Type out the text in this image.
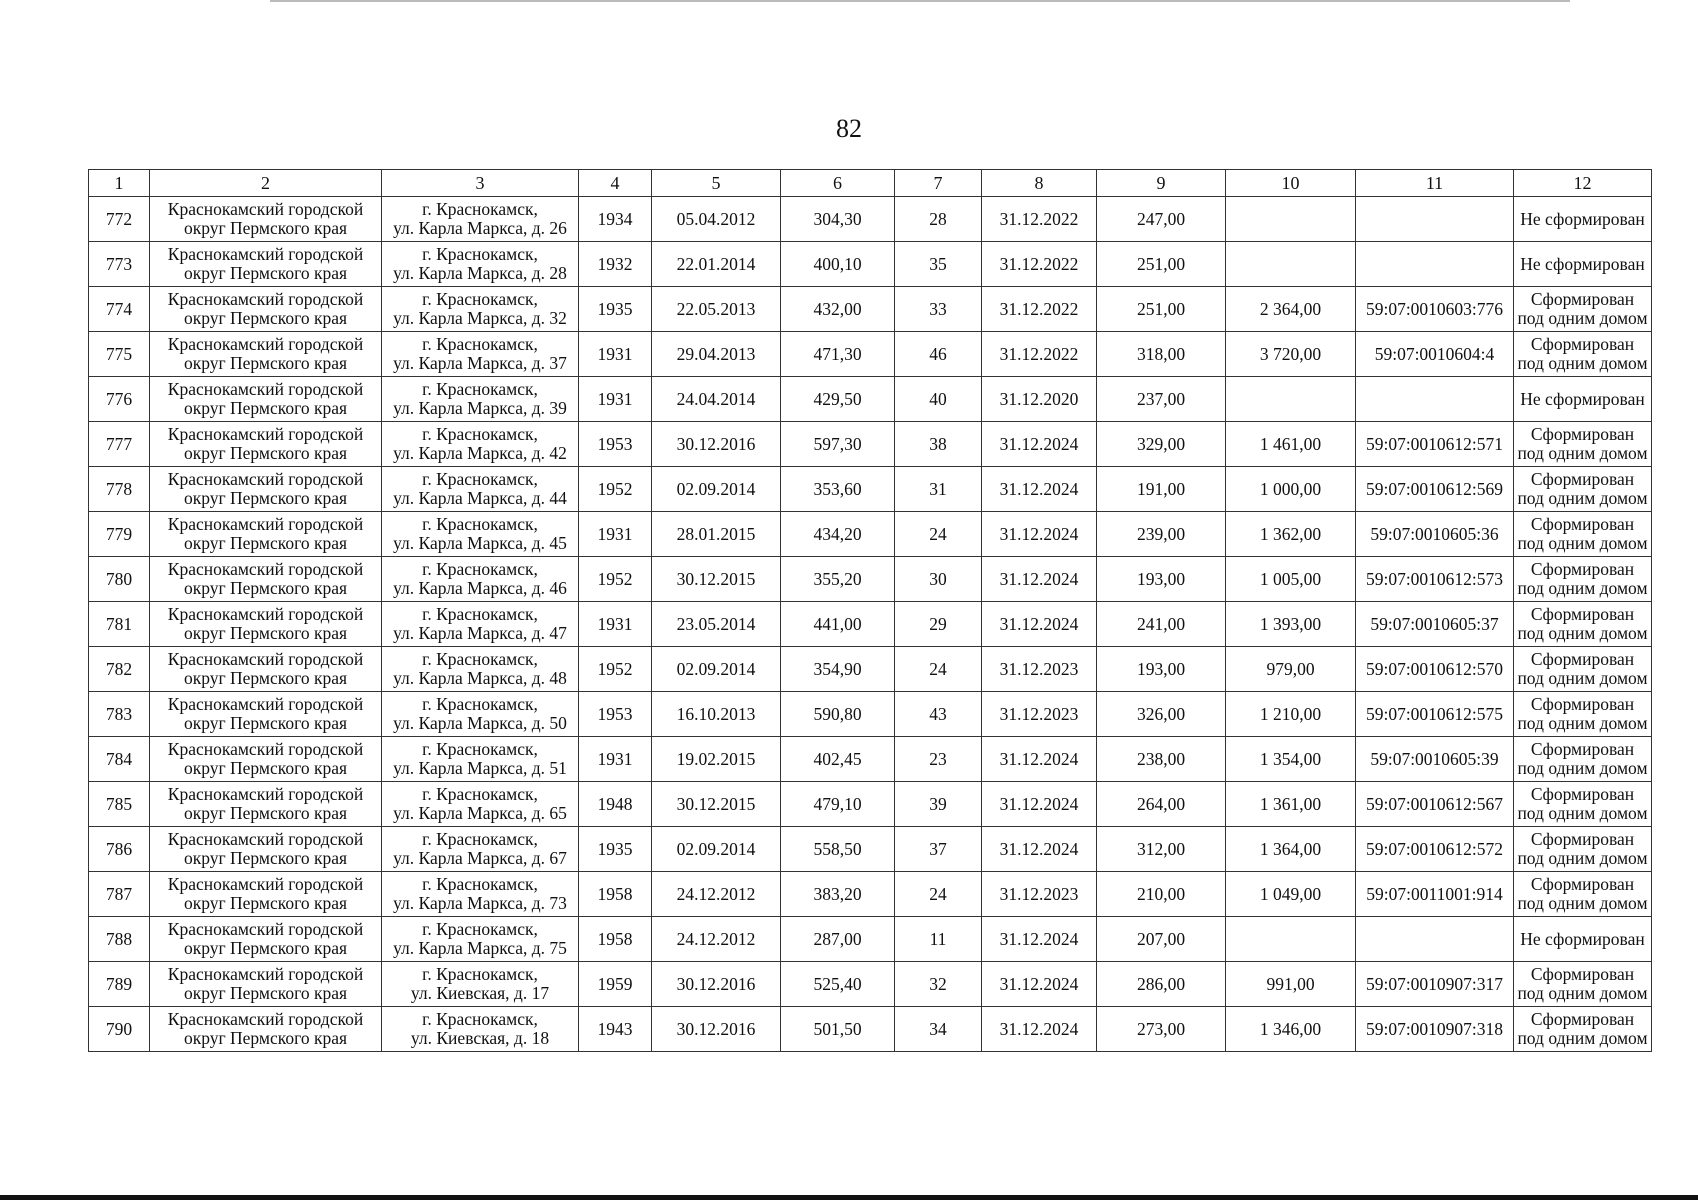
82
1	2	3	4	5	6	7	8	9	10	11	12
772	Краснокамский городской
округ Пермского края	г. Краснокамск,
ул. Карла Маркса, д. 26	1934	05.04.2012	304,30	28	31.12.2022	247,00			Не сформирован

773	Краснокамский городской
округ Пермского края	г. Краснокамск,
ул. Карла Маркса, д. 28	1932	22.01.2014	400,10	35	31.12.2022	251,00			Не сформирован

774	Краснокамский городской
округ Пермского края	г. Краснокамск,
ул. Карла Маркса, д. 32	1935	22.05.2013	432,00	33	31.12.2022	251,00	2 364,00	59:07:0010603:776	Сформирован
под одним домом

775	Краснокамский городской
округ Пермского края	г. Краснокамск,
ул. Карла Маркса, д. 37	1931	29.04.2013	471,30	46	31.12.2022	318,00	3 720,00	59:07:0010604:4	Сформирован
под одним домом

776	Краснокамский городской
округ Пермского края	г. Краснокамск,
ул. Карла Маркса, д. 39	1931	24.04.2014	429,50	40	31.12.2020	237,00			Не сформирован

777	Краснокамский городской
округ Пермского края	г. Краснокамск,
ул. Карла Маркса, д. 42	1953	30.12.2016	597,30	38	31.12.2024	329,00	1 461,00	59:07:0010612:571	Сформирован
под одним домом

778	Краснокамский городской
округ Пермского края	г. Краснокамск,
ул. Карла Маркса, д. 44	1952	02.09.2014	353,60	31	31.12.2024	191,00	1 000,00	59:07:0010612:569	Сформирован
под одним домом

779	Краснокамский городской
округ Пермского края	г. Краснокамск,
ул. Карла Маркса, д. 45	1931	28.01.2015	434,20	24	31.12.2024	239,00	1 362,00	59:07:0010605:36	Сформирован
под одним домом

780	Краснокамский городской
округ Пермского края	г. Краснокамск,
ул. Карла Маркса, д. 46	1952	30.12.2015	355,20	30	31.12.2024	193,00	1 005,00	59:07:0010612:573	Сформирован
под одним домом

781	Краснокамский городской
округ Пермского края	г. Краснокамск,
ул. Карла Маркса, д. 47	1931	23.05.2014	441,00	29	31.12.2024	241,00	1 393,00	59:07:0010605:37	Сформирован
под одним домом

782	Краснокамский городской
округ Пермского края	г. Краснокамск,
ул. Карла Маркса, д. 48	1952	02.09.2014	354,90	24	31.12.2023	193,00	979,00	59:07:0010612:570	Сформирован
под одним домом

783	Краснокамский городской
округ Пермского края	г. Краснокамск,
ул. Карла Маркса, д. 50	1953	16.10.2013	590,80	43	31.12.2023	326,00	1 210,00	59:07:0010612:575	Сформирован
под одним домом

784	Краснокамский городской
округ Пермского края	г. Краснокамск,
ул. Карла Маркса, д. 51	1931	19.02.2015	402,45	23	31.12.2024	238,00	1 354,00	59:07:0010605:39	Сформирован
под одним домом

785	Краснокамский городской
округ Пермского края	г. Краснокамск,
ул. Карла Маркса, д. 65	1948	30.12.2015	479,10	39	31.12.2024	264,00	1 361,00	59:07:0010612:567	Сформирован
под одним домом

786	Краснокамский городской
округ Пермского края	г. Краснокамск,
ул. Карла Маркса, д. 67	1935	02.09.2014	558,50	37	31.12.2024	312,00	1 364,00	59:07:0010612:572	Сформирован
под одним домом

787	Краснокамский городской
округ Пермского края	г. Краснокамск,
ул. Карла Маркса, д. 73	1958	24.12.2012	383,20	24	31.12.2023	210,00	1 049,00	59:07:0011001:914	Сформирован
под одним домом

788	Краснокамский городской
округ Пермского края	г. Краснокамск,
ул. Карла Маркса, д. 75	1958	24.12.2012	287,00	11	31.12.2024	207,00			Не сформирован

789	Краснокамский городской
округ Пермского края	г. Краснокамск,
ул. Киевская, д. 17	1959	30.12.2016	525,40	32	31.12.2024	286,00	991,00	59:07:0010907:317	Сформирован
под одним домом

790	Краснокамский городской
округ Пермского края	г. Краснокамск,
ул. Киевская, д. 18	1943	30.12.2016	501,50	34	31.12.2024	273,00	1 346,00	59:07:0010907:318	Сформирован
под одним домом
